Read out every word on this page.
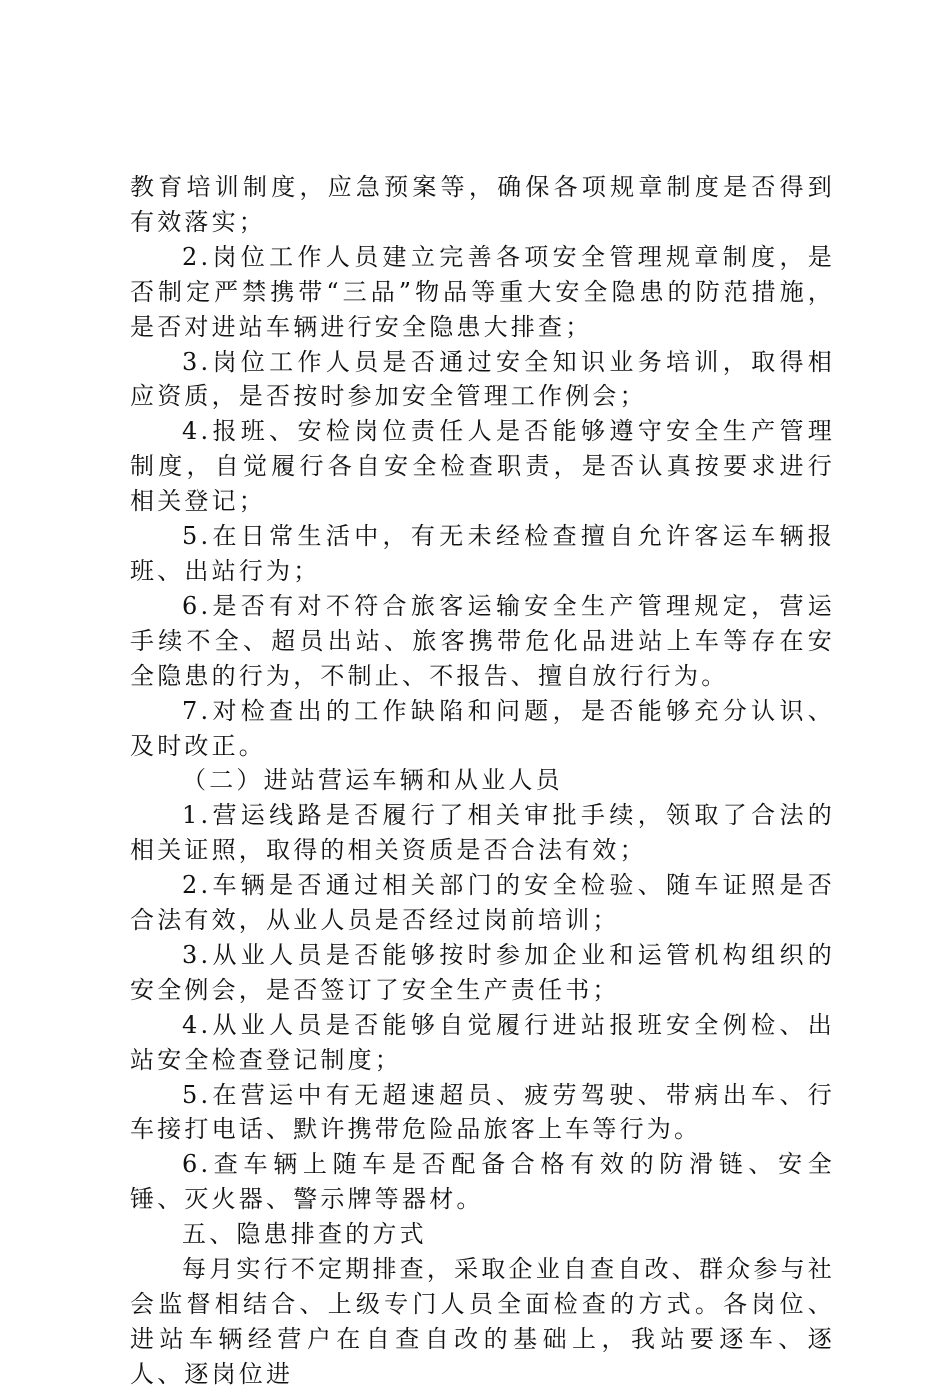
教育培训制度，应急预案等，确保各项规章制度是否得到有效落实；

2.岗位工作人员建立完善各项安全管理规章制度，是否制定严禁携带“三品”物品等重大安全隐患的防范措施，是否对进站车辆进行安全隐患大排查；

3.岗位工作人员是否通过安全知识业务培训，取得相应资质，是否按时参加安全管理工作例会；

4.报班、安检岗位责任人是否能够遵守安全生产管理制度，自觉履行各自安全检查职责，是否认真按要求进行相关登记；

5.在日常生活中，有无未经检查擅自允许客运车辆报班、出站行为；

6.是否有对不符合旅客运输安全生产管理规定，营运手续不全、超员出站、旅客携带危化品进站上车等存在安全隐患的行为，不制止、不报告、擅自放行行为。

7.对检查出的工作缺陷和问题，是否能够充分认识、及时改正。

（二）进站营运车辆和从业人员

1.营运线路是否履行了相关审批手续，领取了合法的相关证照，取得的相关资质是否合法有效；

2.车辆是否通过相关部门的安全检验、随车证照是否合法有效，从业人员是否经过岗前培训；

3.从业人员是否能够按时参加企业和运管机构组织的安全例会，是否签订了安全生产责任书；

4.从业人员是否能够自觉履行进站报班安全例检、出站安全检查登记制度；

5.在营运中有无超速超员、疲劳驾驶、带病出车、行车接打电话、默许携带危险品旅客上车等行为。

6.查车辆上随车是否配备合格有效的防滑链、安全锤、灭火器、警示牌等器材。

五、隐患排查的方式

每月实行不定期排查，采取企业自查自改、群众参与社会监督相结合、上级专门人员全面检查的方式。各岗位、进站车辆经营户在自查自改的基础上，我站要逐车、逐人、逐岗位进
